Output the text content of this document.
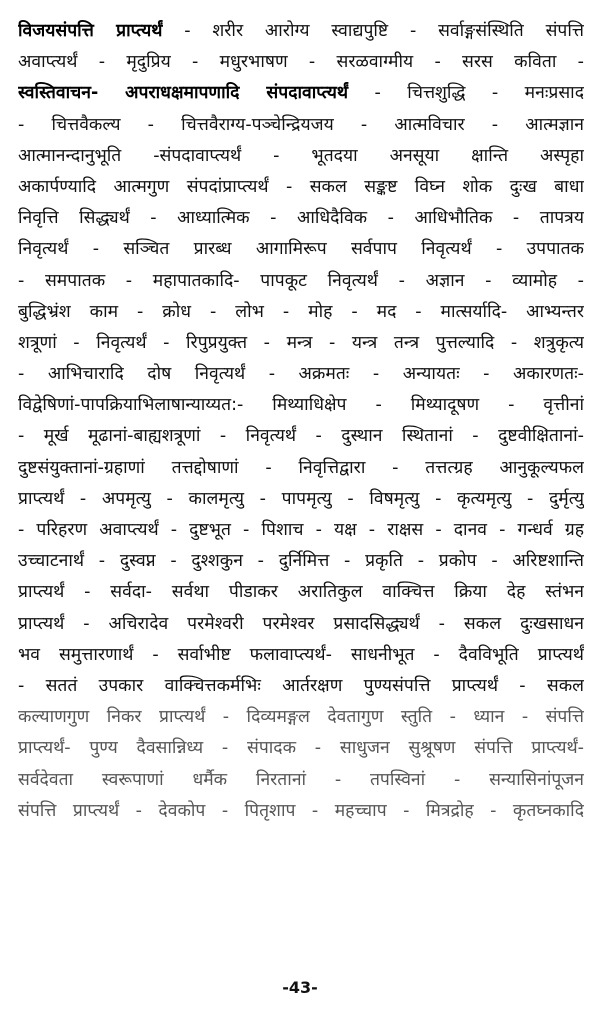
विजयसंपत्ति प्राप्त्यर्थं - शरीर आरोग्य स्वाद्यपुष्टि - सर्वाङ्गसंस्थिति संपत्ति
अवाप्त्यर्थं - मृदुप्रिय - मधुरभाषण - सरळवाग्मीय - सरस कविता -
स्वस्तिवाचन- अपराधक्षमापणादि संपदावाप्त्यर्थं - चित्तशुद्धि - मनःप्रसाद
- चित्तवैकल्य - चित्तवैराग्य-पञ्चेन्द्रियजय - आत्मविचार - आत्मज्ञान
आत्मानन्दानुभूति -संपदावाप्त्यर्थं - भूतदया अनसूया क्षान्ति अस्पृहा
अकार्पण्यादि आत्मगुण संपदांप्राप्त्यर्थं - सकल सङ्कष्ट विघ्न शोक दुःख बाधा
निवृत्ति सिद्ध्यर्थं - आध्यात्मिक - आधिदैविक - आधिभौतिक - तापत्रय
निवृत्यर्थं - सञ्चित प्रारब्ध आगामिरूप सर्वपाप निवृत्यर्थं - उपपातक
- समपातक - महापातकादि- पापकूट निवृत्यर्थं - अज्ञान - व्यामोह -
बुद्धिभ्रंश काम - क्रोध - लोभ - मोह - मद - मात्सर्यादि- आभ्यन्तर
शत्रूणां - निवृत्यर्थं - रिपुप्रयुक्त - मन्त्र - यन्त्र तन्त्र पुत्तल्यादि - शत्रुकृत्य
- आभिचारादि दोष निवृत्यर्थं - अक्रमतः - अन्यायतः - अकारणतः-
विद्वेषिणां-पापक्रियाभिलाषान्याय्यत:- मिथ्याधिक्षेप - मिथ्यादूषण - वृत्तीनां
- मूर्ख मूढानां-बाह्यशत्रूणां - निवृत्यर्थं - दुस्थान स्थितानां - दुष्टवीक्षितानां-
दुष्टसंयुक्तानां-ग्रहाणां तत्तद्दोषाणां - निवृत्तिद्वारा - तत्तत्ग्रह आनुकूल्यफल
प्राप्त्यर्थं - अपमृत्यु - कालमृत्यु - पापमृत्यु - विषमृत्यु - कृत्यमृत्यु - दुर्मृत्यु
- परिहरण अवाप्त्यर्थं - दुष्टभूत - पिशाच - यक्ष - राक्षस - दानव - गन्धर्व ग्रह
उच्चाटनार्थं - दुस्वप्न - दुश्शकुन - दुर्निमित्त - प्रकृति - प्रकोप - अरिष्टशान्ति
प्राप्त्यर्थं - सर्वदा- सर्वथा पीडाकर अरातिकुल वाक्चित्त क्रिया देह स्तंभन
प्राप्त्यर्थं - अचिरादेव परमेश्वरी परमेश्वर प्रसादसिद्ध्यर्थं - सकल दुःखसाधन
भव समुत्तारणार्थं - सर्वाभीष्ट फलावाप्त्यर्थं- साधनीभूत - दैवविभूति प्राप्त्यर्थं
- सततं उपकार वाक्चित्तकर्मभिः आर्तरक्षण पुण्यसंपत्ति प्राप्त्यर्थं - सकल
कल्याणगुण निकर प्राप्त्यर्थं - दिव्यमङ्गल देवतागुण स्तुति - ध्यान - संपत्ति
प्राप्त्यर्थं- पुण्य दैवसान्निध्य - संपादक - साधुजन सुश्रूषण संपत्ति प्राप्त्यर्थं-
सर्वदेवता स्वरूपाणां धर्मैक निरतानां - तपस्विनां - सन्यासिनांपूजन
संपत्ति प्राप्त्यर्थं - देवकोप - पितृशाप - महच्चाप - मित्रद्रोह - कृतघ्नकादि
-43-
